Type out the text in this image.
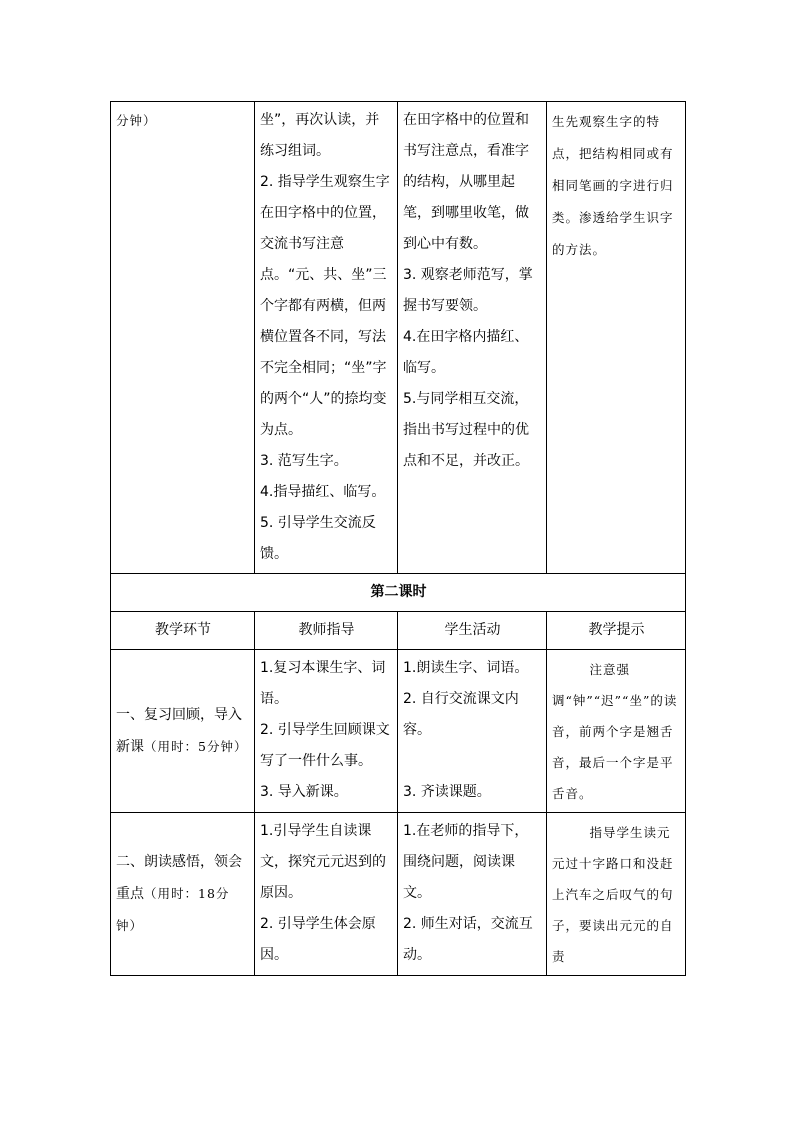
分钟）	坐”，再次认读，并练习组词。
2. 指导学生观察生字在田字格中的位置，交流书写注意点。“元、共、坐”三个字都有两横，但两横位置各不同，写法不完全相同；“坐”字的两个“人”的捺均变为点。
3. 范写生字。
4.指导描红、临写。
5. 引导学生交流反馈。	在田字格中的位置和书写注意点，看准字的结构，从哪里起笔，到哪里收笔，做到心中有数。
3. 观察老师范写，掌握书写要领。
4.在田字格内描红、临写。
5.与同学相互交流，指出书写过程中的优点和不足，并改正。	生先观察生字的特点，把结构相同或有相同笔画的字进行归类。渗透给学生识字的方法。
第二课时			
教学环节	教师指导	学生活动	教学提示
一、复习回顾，导入新课（用时：5分钟）	1.复习本课生字、词语。
2. 引导学生回顾课文写了一件什么事。
3. 导入新课。	1.朗读生字、词语。
2. 自行交流课文内容。
3. 齐读课题。	注意强调“钟”“迟”“坐”的读音，前两个字是翘舌音，最后一个字是平舌音。

二、朗读感悟，领会重点（用时：18分钟）	1.引导学生自读课文，探究元元迟到的原因。
2. 引导学生体会原因。	1.在老师的指导下，围绕问题，阅读课文。
2. 师生对话，交流互动。	指导学生读元元过十字路口和没赶上汽车之后叹气的句子，要读出元元的自责
